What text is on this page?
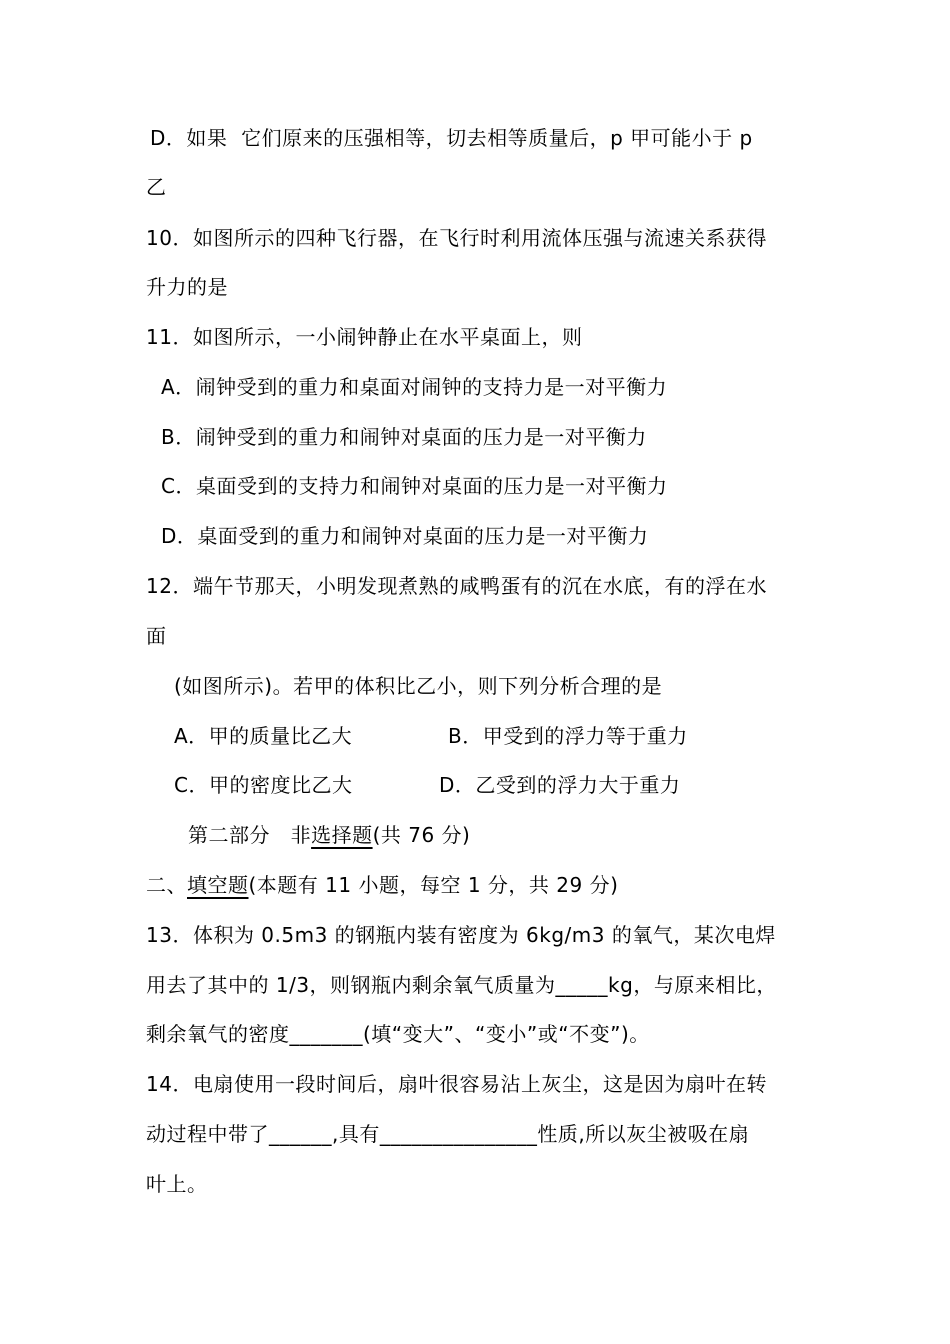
D．如果  它们原来的压强相等，切去相等质量后，p 甲可能小于 p
乙
10．如图所示的四种飞行器，在飞行时利用流体压强与流速关系获得
升力的是
11．如图所示，一小闹钟静止在水平桌面上，则
A．闹钟受到的重力和桌面对闹钟的支持力是一对平衡力
B．闹钟受到的重力和闹钟对桌面的压力是一对平衡力
C．桌面受到的支持力和闹钟对桌面的压力是一对平衡力
D．桌面受到的重力和闹钟对桌面的压力是一对平衡力
12．端午节那天，小明发现煮熟的咸鸭蛋有的沉在水底，有的浮在水
面
(如图所示)。若甲的体积比乙小，则下列分析合理的是
A．甲的质量比乙大	B．甲受到的浮力等于重力
C．甲的密度比乙大	D．乙受到的浮力大于重力
第二部分   非选择题(共 76 分)
二、填空题(本题有 11 小题，每空 1 分，共 29 分)
13．体积为 0.5m3 的钢瓶内装有密度为 6kg/m3 的氧气，某次电焊
用去了其中的 1/3，则钢瓶内剩余氧气质量为_____kg，与原来相比，
剩余氧气的密度_______(填“变大”、“变小”或“不变”)。
14．电扇使用一段时间后，扇叶很容易沾上灰尘，这是因为扇叶在转
动过程中带了______,具有_______________性质,所以灰尘被吸在扇
叶上。
